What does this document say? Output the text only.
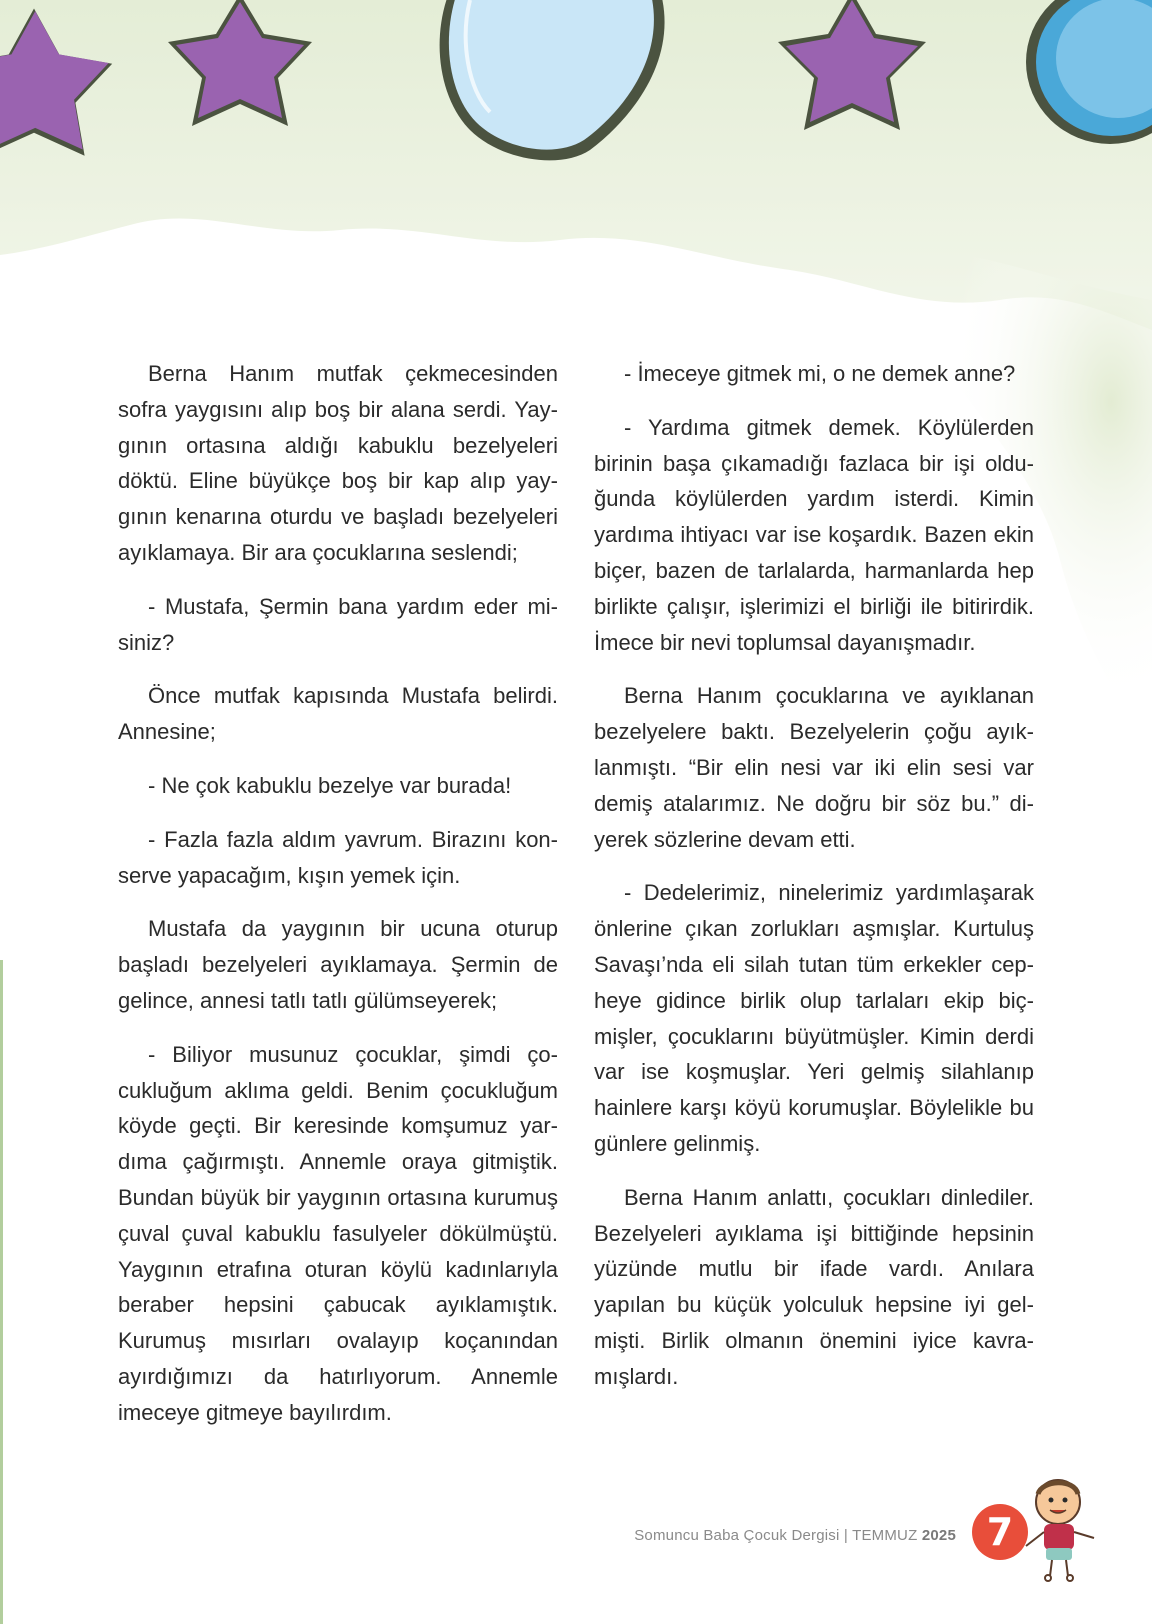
Berna Hanım mutfak çekmecesinden sofra yaygısını alıp boş bir alana serdi. Yaygının ortasına aldığı kabuklu bezelyeleri döktü. Eline büyükçe boş bir kap alıp yaygının kenarına oturdu ve başladı bezelyeleri ayıklamaya. Bir ara çocuklarına seslendi;

- Mustafa, Şermin bana yardım eder misiniz?

Önce mutfak kapısında Mustafa belirdi. Annesine;

- Ne çok kabuklu bezelye var burada!

- Fazla fazla aldım yavrum. Birazını konserve yapacağım, kışın yemek için.

Mustafa da yaygının bir ucuna oturup başladı bezelyeleri ayıklamaya. Şermin de gelince, annesi tatlı tatlı gülümseyerek;

- Biliyor musunuz çocuklar, şimdi çocukluğum aklıma geldi. Benim çocukluğum köyde geçti. Bir keresinde komşumuz yardıma çağırmıştı. Annemle oraya gitmiştik. Bundan büyük bir yaygının ortasına kurumuş çuval çuval kabuklu fasulyeler dökülmüştü. Yaygının etrafına oturan köylü kadınlarıyla beraber hepsini çabucak ayıklamıştık. Kurumuş mısırları ovalayıp koçanından ayırdığımızı da hatırlıyorum. Annemle imeceye gitmeye bayılırdım.

- İmeceye gitmek mi, o ne demek anne?

- Yardıma gitmek demek. Köylülerden birinin başa çıkamadığı fazlaca bir işi olduğunda köylülerden yardım isterdi. Kimin yardıma ihtiyacı var ise koşardık. Bazen ekin biçer, bazen de tarlalarda, harmanlarda hep birlikte çalışır, işlerimizi el birliği ile bitirirdik. İmece bir nevi toplumsal dayanışmadır.

Berna Hanım çocuklarına ve ayıklanan bezelyelere baktı. Bezelyelerin çoğu ayıklanmıştı. “Bir elin nesi var iki elin sesi var demiş atalarımız. Ne doğru bir söz bu.” diyerek sözlerine devam etti.

- Dedelerimiz, ninelerimiz yardımlaşarak önlerine çıkan zorlukları aşmışlar. Kurtuluş Savaşı’nda eli silah tutan tüm erkekler cepheye gidince birlik olup tarlaları ekip biçmişler, çocuklarını büyütmüşler. Kimin derdi var ise koşmuşlar. Yeri gelmiş silahlanıp hainlere karşı köyü korumuşlar. Böylelikle bu günlere gelinmiş.

Berna Hanım anlattı, çocukları dinlediler. Bezelyeleri ayıklama işi bittiğinde hepsinin yüzünde mutlu bir ifade vardı. Anılara yapılan bu küçük yolculuk hepsine iyi gelmişti. Birlik olmanın önemini iyice kavramışlardı.

Somuncu Baba Çocuk Dergisi | TEMMUZ 2025 7
